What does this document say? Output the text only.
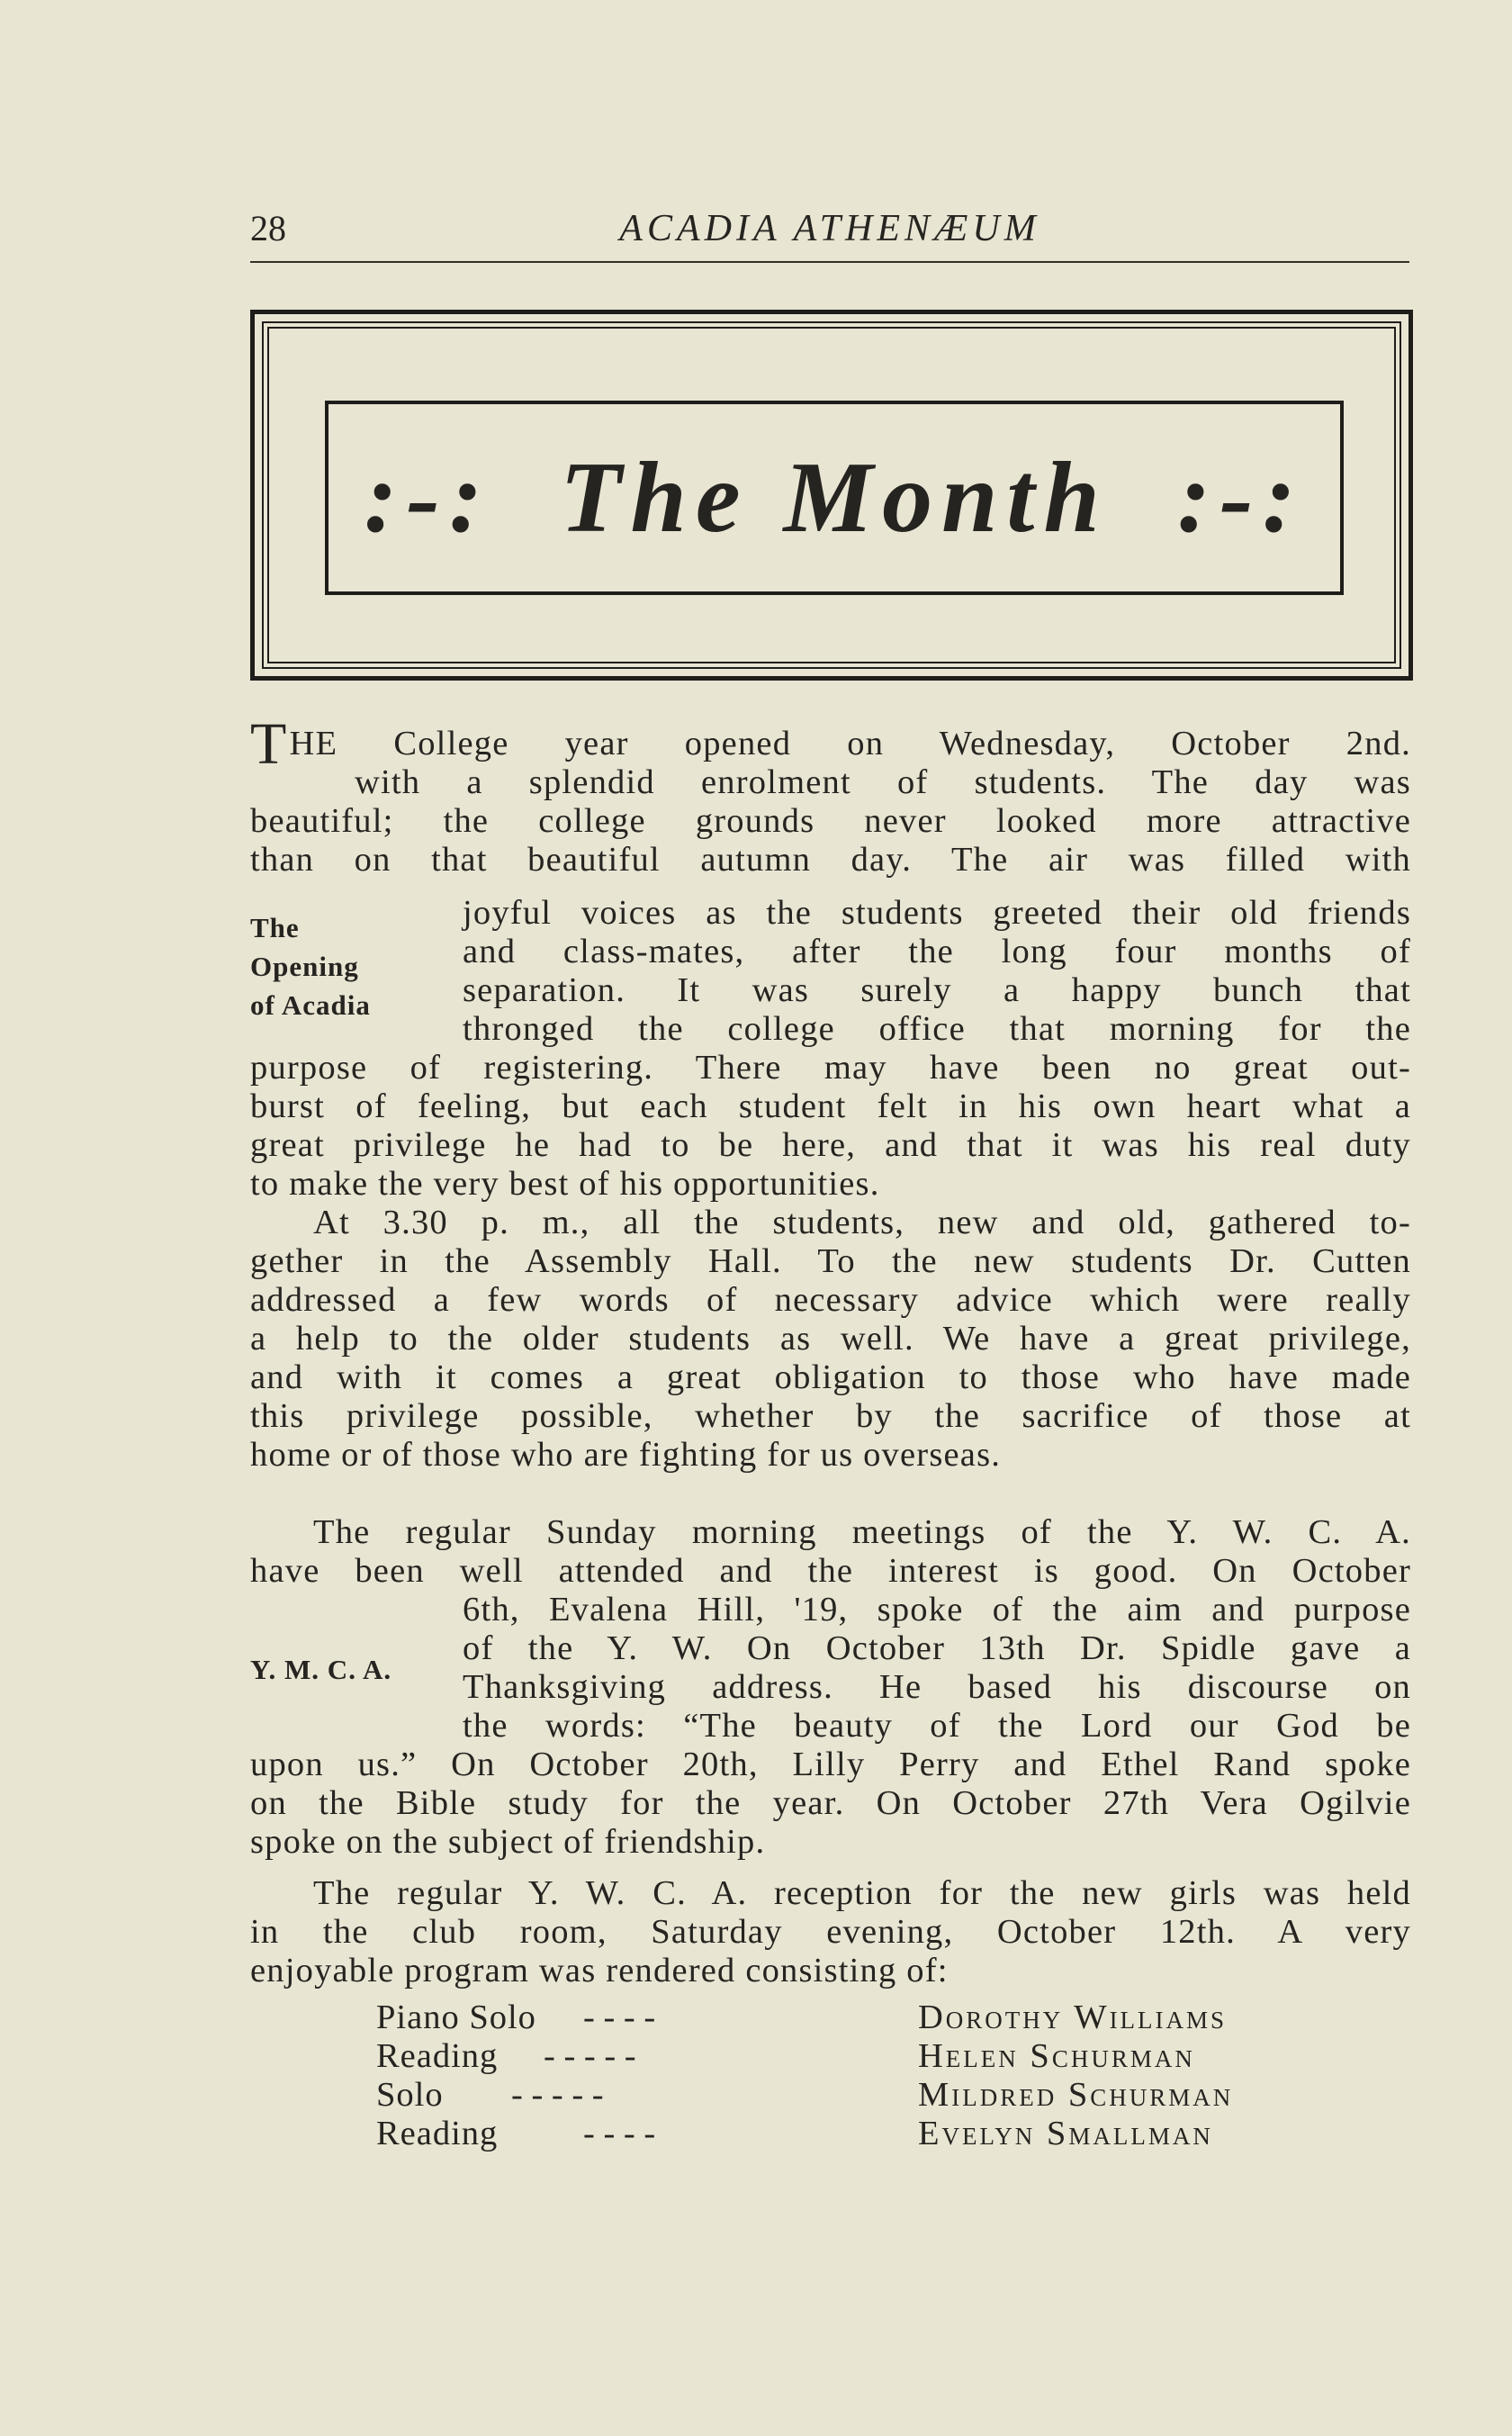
28	ACADIA ATHENÆUM
:-:  The Month  :-:
THE College year opened on Wednesday, October 2nd.
with a splendid enrolment of students. The day was
beautiful; the college grounds never looked more attractive
than on that beautiful autumn day. The air was filled with
The
Opening
of Acadia
joyful voices as the students greeted their old friends
and class-mates, after the long four months of
separation. It was surely a happy bunch that
thronged the college office that morning for the
purpose of registering. There may have been no great out-
burst of feeling, but each student felt in his own heart what a
great privilege he had to be here, and that it was his real duty
to make the very best of his opportunities.
At 3.30 p. m., all the students, new and old, gathered to-
gether in the Assembly Hall. To the new students Dr. Cutten
addressed a few words of necessary advice which were really
a help to the older students as well. We have a great privilege,
and with it comes a great obligation to those who have made
this privilege possible, whether by the sacrifice of those at
home or of those who are fighting for us overseas.
The regular Sunday morning meetings of the Y. W. C. A.
have been well attended and the interest is good. On October
Y. M. C. A.
6th, Evalena Hill, '19, spoke of the aim and purpose
of the Y. W. On October 13th Dr. Spidle gave a
Thanksgiving address. He based his discourse on
the words: “The beauty of the Lord our God be
upon us.” On October 20th, Lilly Perry and Ethel Rand spoke
on the Bible study for the year. On October 27th Vera Ogilvie
spoke on the subject of friendship.
The regular Y. W. C. A. reception for the new girls was held
in the club room, Saturday evening, October 12th. A very
enjoyable program was rendered consisting of:
Piano Solo - - - -	Dorothy Williams
Reading - - - - -	Helen Schurman
Solo - - - - -	Mildred Schurman
Reading - - - -	Evelyn Smallman
